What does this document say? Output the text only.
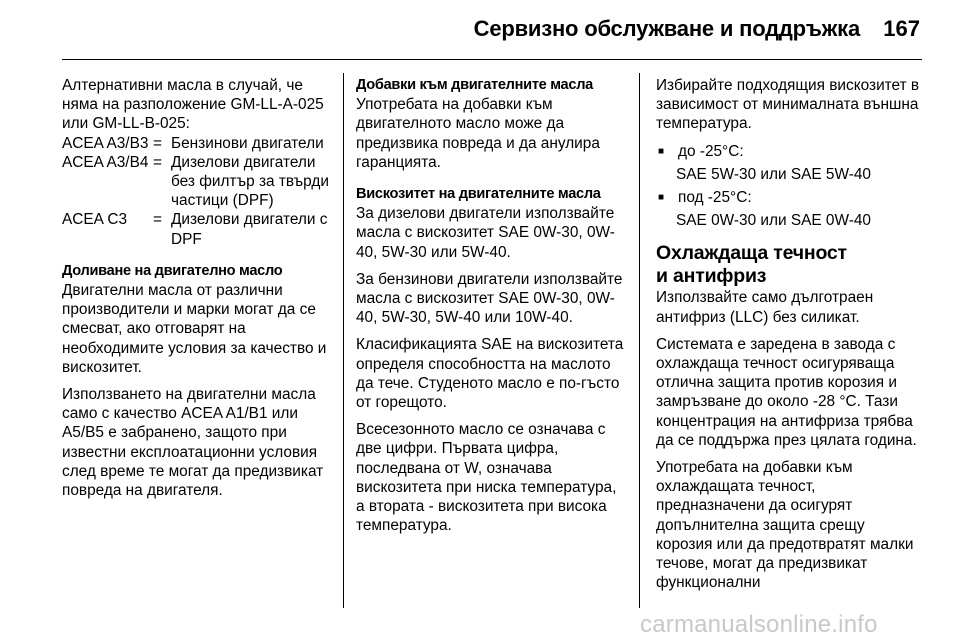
Сервизно обслужване и поддръжка	167

Алтернативни масла в случай, че няма на разположение GM-LL-A-025 или GM-LL-B-025:

ACEA A3/B3 = Бензинови двигатели
ACEA A3/B4 = Дизелови двигатели без филтър за твърди частици (DPF)
ACEA C3	= Дизелови двигатели с DPF

Доливане на двигателно масло

Двигателни масла от различни производители и марки могат да се смесват, ако отговарят на необходимите условия за качество и вискозитет.

Използването на двигателни масла само с качество ACEA A1/B1 или A5/B5 е забранено, защото при известни експлоатационни условия след време те могат да предизвикат повреда на двигателя.

Добавки към двигателните масла

Употребата на добавки към двигателното масло може да предизвика повреда и да анулира гаранцията.

Вискозитет на двигателните масла

За дизелови двигатели използвайте масла с вискозитет SAE 0W-30, 0W-40, 5W-30 или 5W-40.

За бензинови двигатели използвайте масла с вискозитет SAE 0W-30, 0W-40, 5W-30, 5W-40 или 10W-40.

Класификацията SAE на вискозитета определя способността на маслото да тече. Студеното масло е по-гъсто от горещото.

Всесезонното масло се означава с две цифри. Първата цифра, последвана от W, означава вискозитета при ниска температура, а втората - вискозитета при висока температура.

Избирайте подходящия вискозитет в зависимост от минималната външна температура.

■ до -25°C:

SAE 5W-30 или SAE 5W-40

■ под -25°C:

SAE 0W-30 или SAE 0W-40

Охлаждаща течност
и антифриз

Използвайте само дълготраен антифриз (LLC) без силикат.

Системата е заредена в завода с охлаждаща течност осигуряваща отлична защита против корозия и замръзване до около -28 °C. Тази концентрация на антифриза трябва да се поддържа през цялата година.

Употребата на добавки към охлаждащата течност, предназначени да осигурят допълнителна защита срещу корозия или да предотвратят малки течове, могат да предизвикат функционални

carmanualsonline.info
